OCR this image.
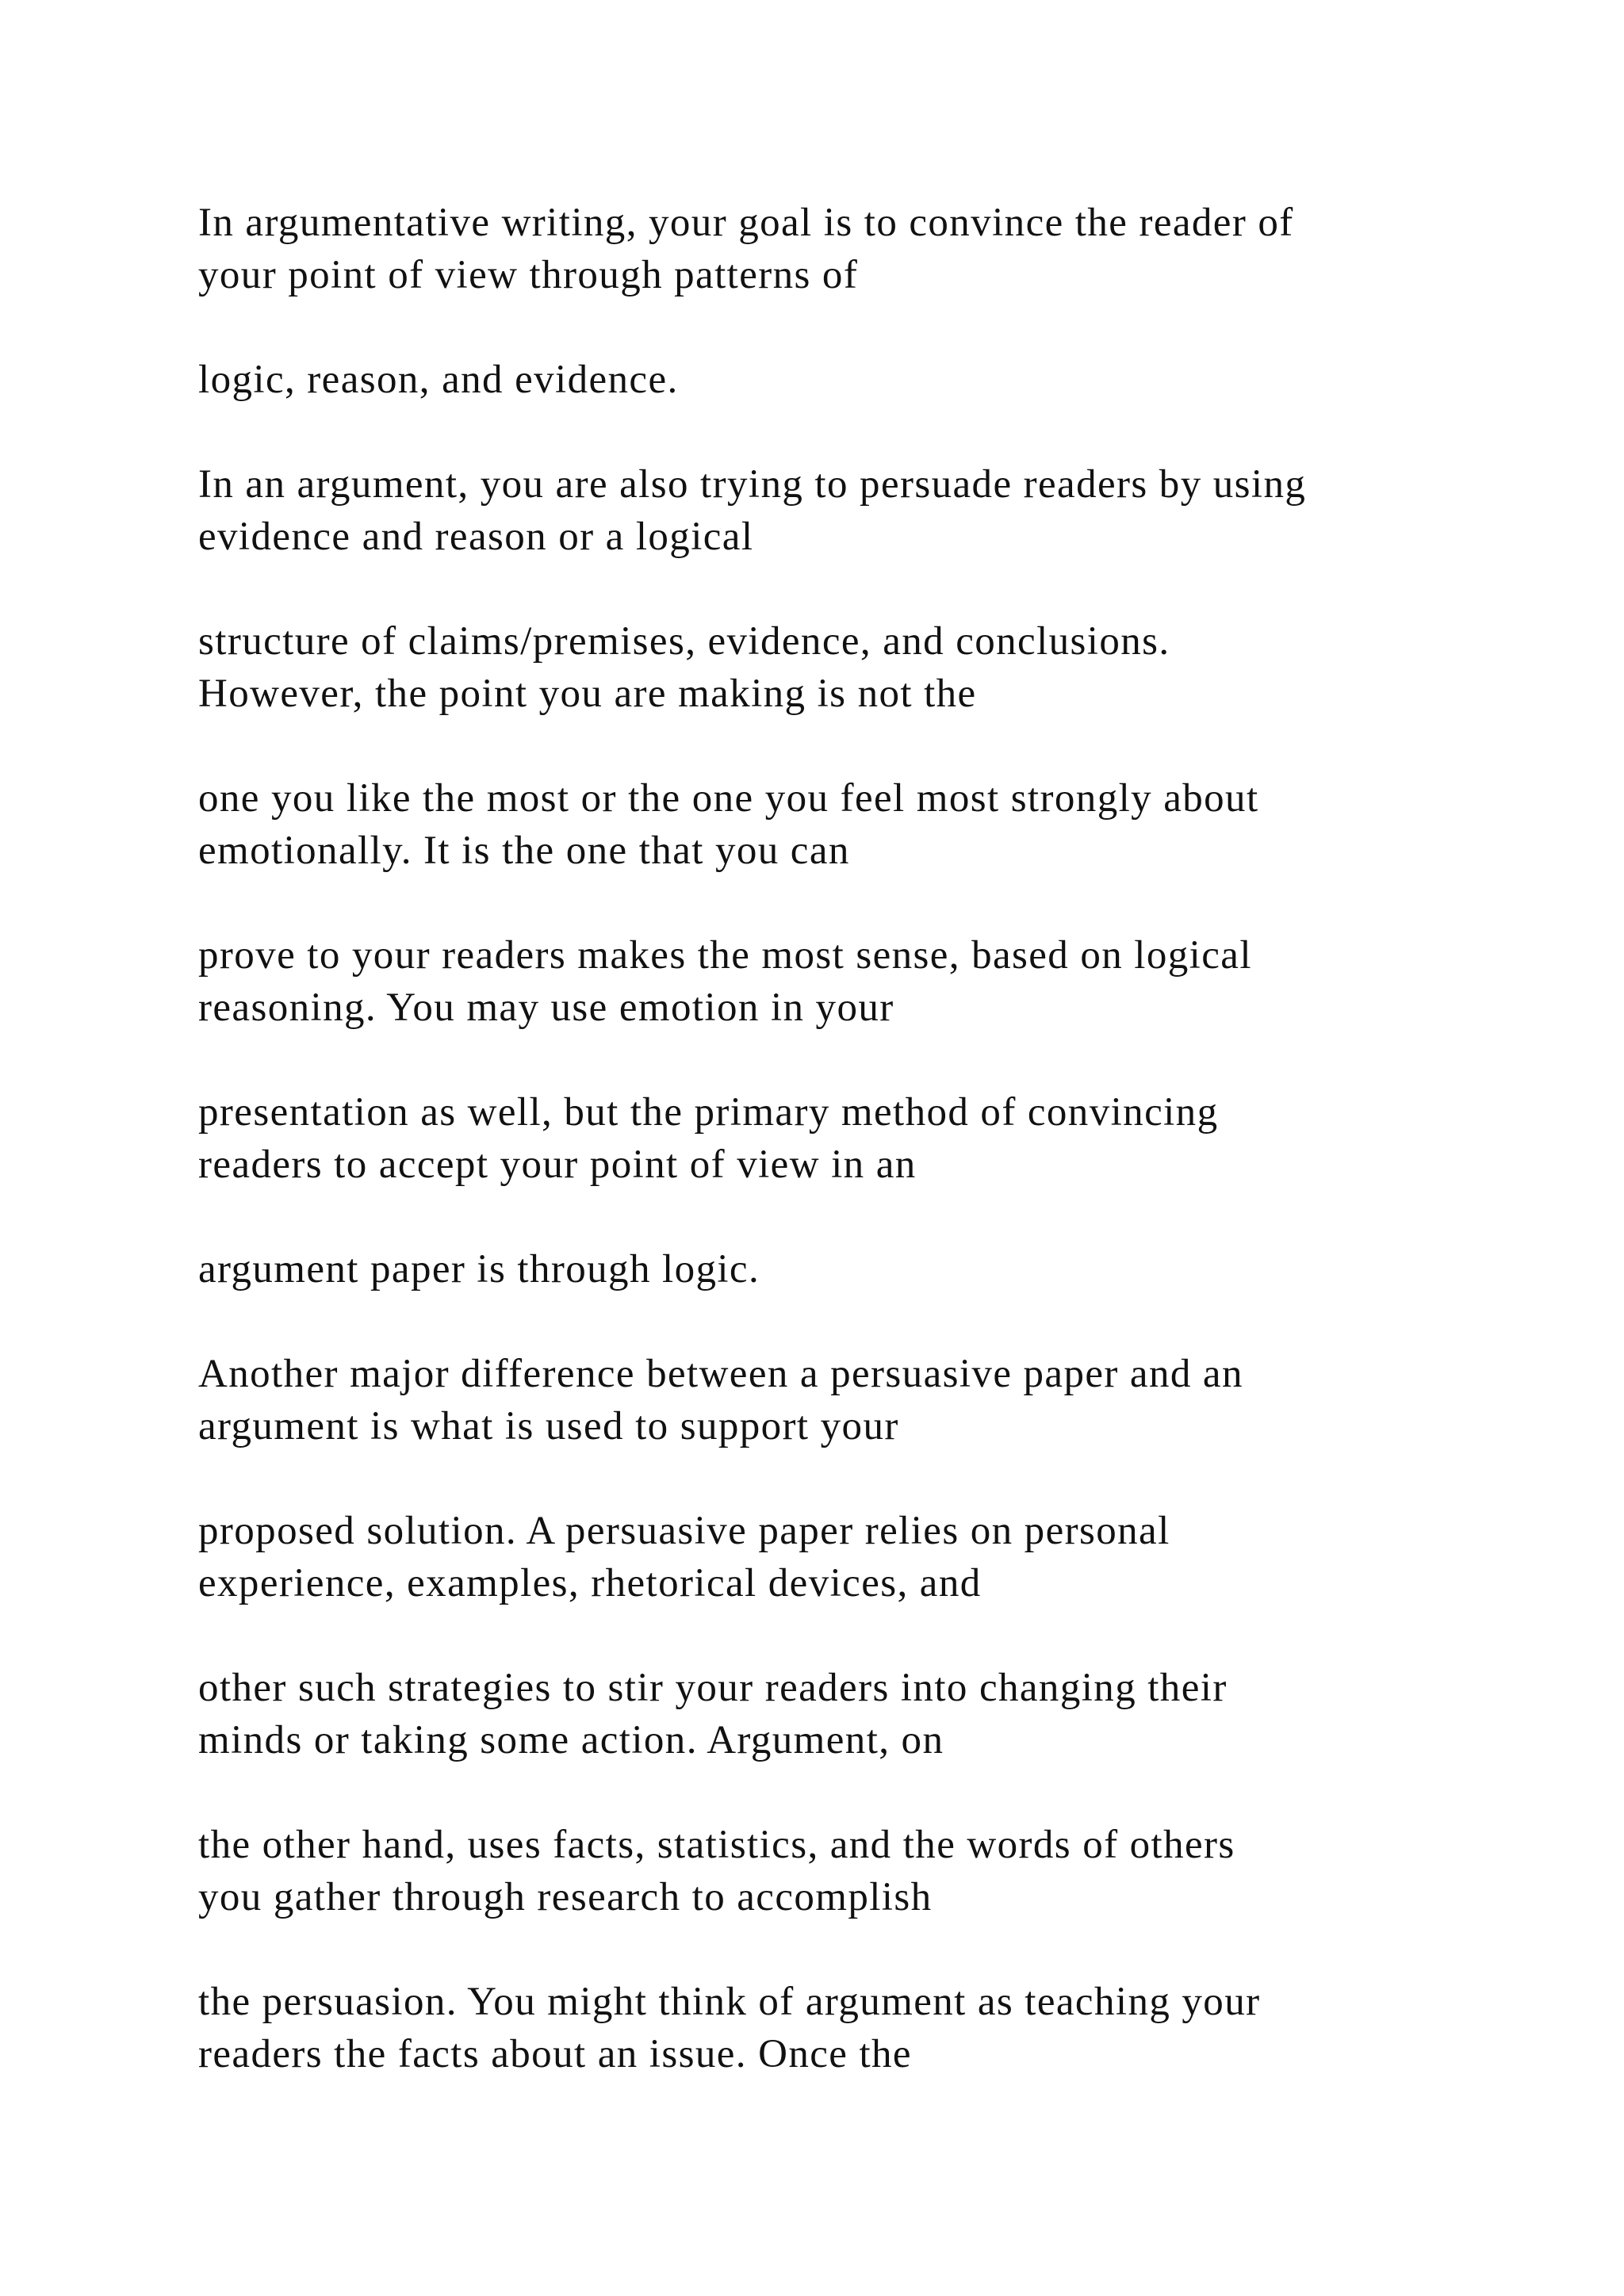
In argumentative writing, your goal is to convince the reader of
your point of view through patterns of

logic, reason, and evidence.

In an argument, you are also trying to persuade readers by using
evidence and reason or a logical

structure of claims/premises, evidence, and conclusions.
However, the point you are making is not the

one you like the most or the one you feel most strongly about
emotionally. It is the one that you can

prove to your readers makes the most sense, based on logical
reasoning. You may use emotion in your

presentation as well, but the primary method of convincing
readers to accept your point of view in an

argument paper is through logic.

Another major difference between a persuasive paper and an
argument is what is used to support your

proposed solution. A persuasive paper relies on personal
experience, examples, rhetorical devices, and

other such strategies to stir your readers into changing their
minds or taking some action. Argument, on

the other hand, uses facts, statistics, and the words of others
you gather through research to accomplish

the persuasion. You might think of argument as teaching your
readers the facts about an issue. Once the
